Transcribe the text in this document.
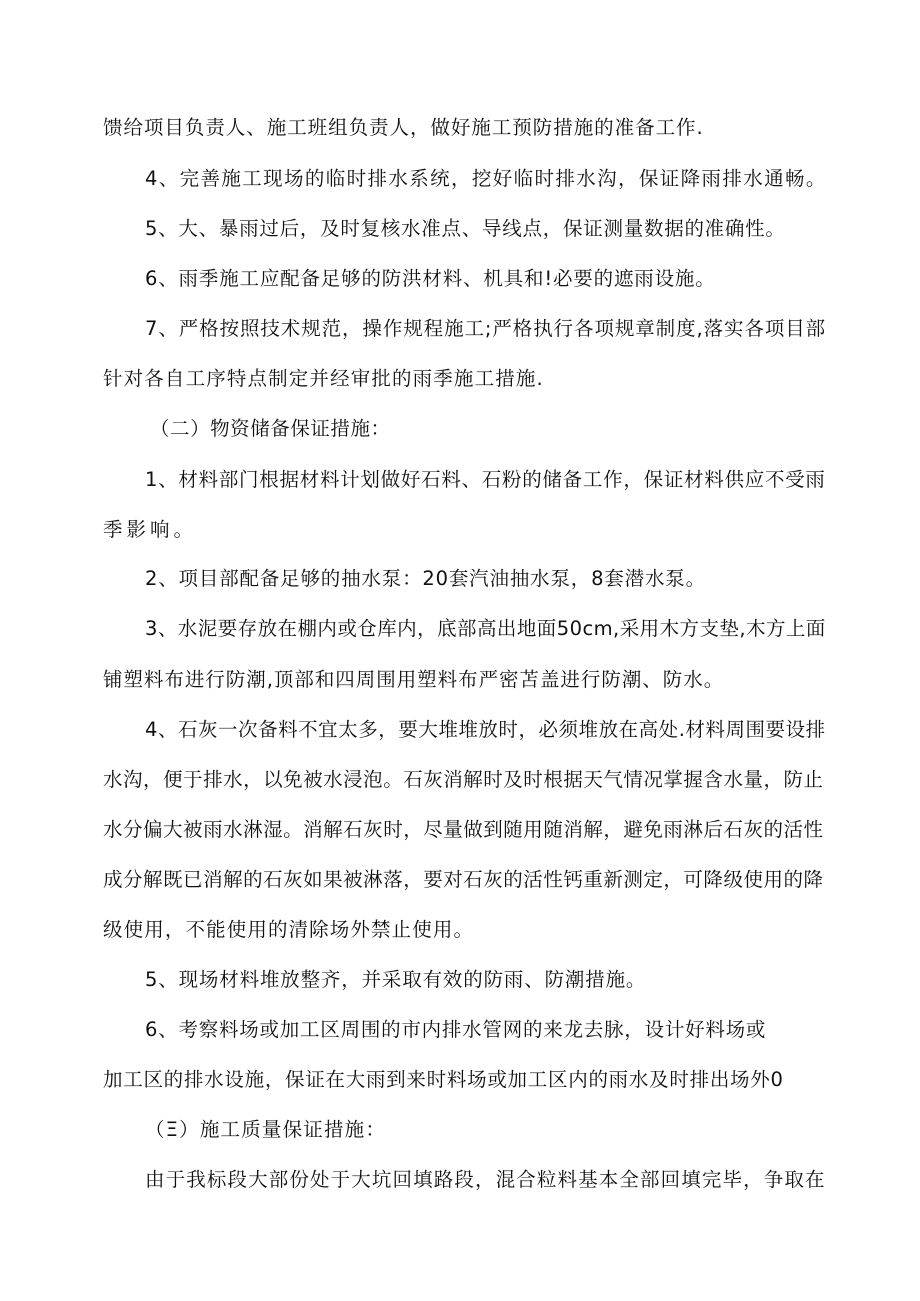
馈给项目负责人、施工班组负责人，做好施工预防措施的准备工作.
4、完善施工现场的临时排水系统，挖好临时排水沟，保证降雨排水通畅。
5、大、暴雨过后，及时复核水准点、导线点，保证测量数据的准确性。
6、雨季施工应配备足够的防洪材料、机具和!必要的遮雨设施。
7、严格按照技术规范，操作规程施工;严格执行各项规章制度,落实各项目部
针对各自工序特点制定并经审批的雨季施工措施.
（二）物资储备保证措施：
1、材料部门根据材料计划做好石料、石粉的储备工作，保证材料供应不受雨
季影响。
2、项目部配备足够的抽水泵：20套汽油抽水泵，8套潜水泵。
3、水泥要存放在棚内或仓库内，底部高出地面50cm,采用木方支垫,木方上面
铺塑料布进行防潮,顶部和四周围用塑料布严密苫盖进行防潮、防水。
4、石灰一次备料不宜太多，要大堆堆放时，必须堆放在高处.材料周围要设排
水沟，便于排水，以免被水浸泡。石灰消解时及时根据天气情况掌握含水量，防止
水分偏大被雨水淋湿。消解石灰时，尽量做到随用随消解，避免雨淋后石灰的活性
成分解既已消解的石灰如果被淋落，要对石灰的活性钙重新测定，可降级使用的降
级使用，不能使用的清除场外禁止使用。
5、现场材料堆放整齐，并采取有效的防雨、防潮措施。
6、考察料场或加工区周围的市内排水管网的来龙去脉，设计好料场或
加工区的排水设施，保证在大雨到来时料场或加工区内的雨水及时排出场外0
（Ξ）施工质量保证措施：
由于我标段大部份处于大坑回填路段，混合粒料基本全部回填完毕，争取在
